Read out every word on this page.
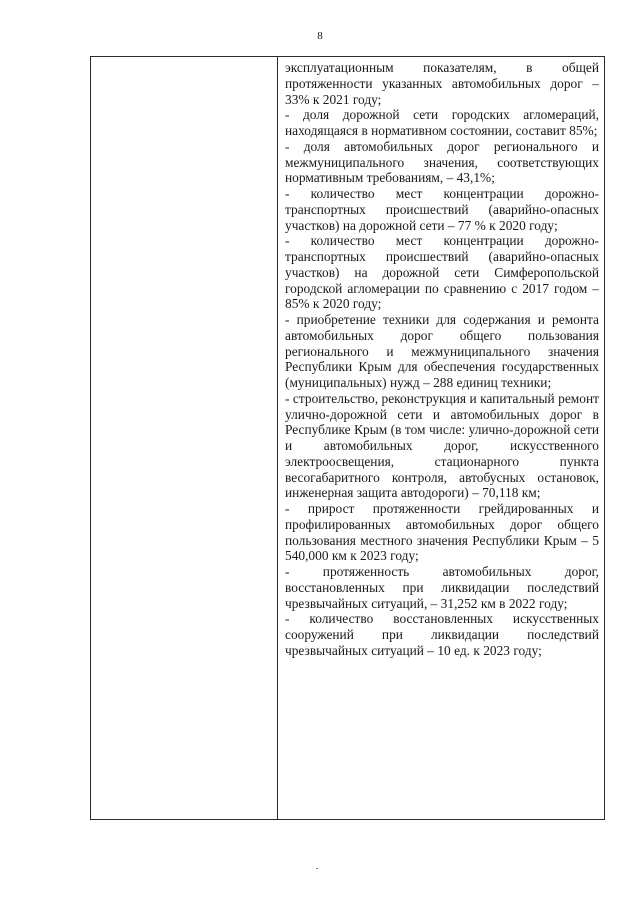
8

эксплуатационным показателям, в общей протяженности указанных автомобильных дорог – 33% к 2021 году;

- доля дорожной сети городских агломераций, находящаяся в нормативном состоянии, составит 85%;

- доля автомобильных дорог регионального и межмуниципального значения, соответствующих нормативным требованиям, – 43,1%;

- количество мест концентрации дорожно-транспортных происшествий (аварийно-опасных участков) на дорожной сети – 77 % к 2020 году;

- количество мест концентрации дорожно-транспортных происшествий (аварийно-опасных участков) на дорожной сети Симферопольской городской агломерации по сравнению с 2017 годом – 85% к 2020 году;

- приобретение техники для содержания и ремонта автомобильных дорог общего пользования регионального и межмуниципального значения Республики Крым для обеспечения государственных (муниципальных) нужд – 288 единиц техники;

- строительство, реконструкция и капитальный ремонт улично-дорожной сети и автомобильных дорог в Республике Крым (в том числе: улично-дорожной сети и автомобильных дорог, искусственного электроосвещения, стационарного пункта весогабаритного контроля, автобусных остановок, инженерная защита автодороги) – 70,118 км;

- прирост протяженности грейдированных и профилированных автомобильных дорог общего пользования местного значения Республики Крым – 5 540,000 км к 2023 году;

- протяженность автомобильных дорог, восстановленных при ликвидации последствий чрезвычайных ситуаций, – 31,252 км в 2022 году;

- количество восстановленных искусственных сооружений при ликвидации последствий чрезвычайных ситуаций – 10 ед. к 2023 году;
